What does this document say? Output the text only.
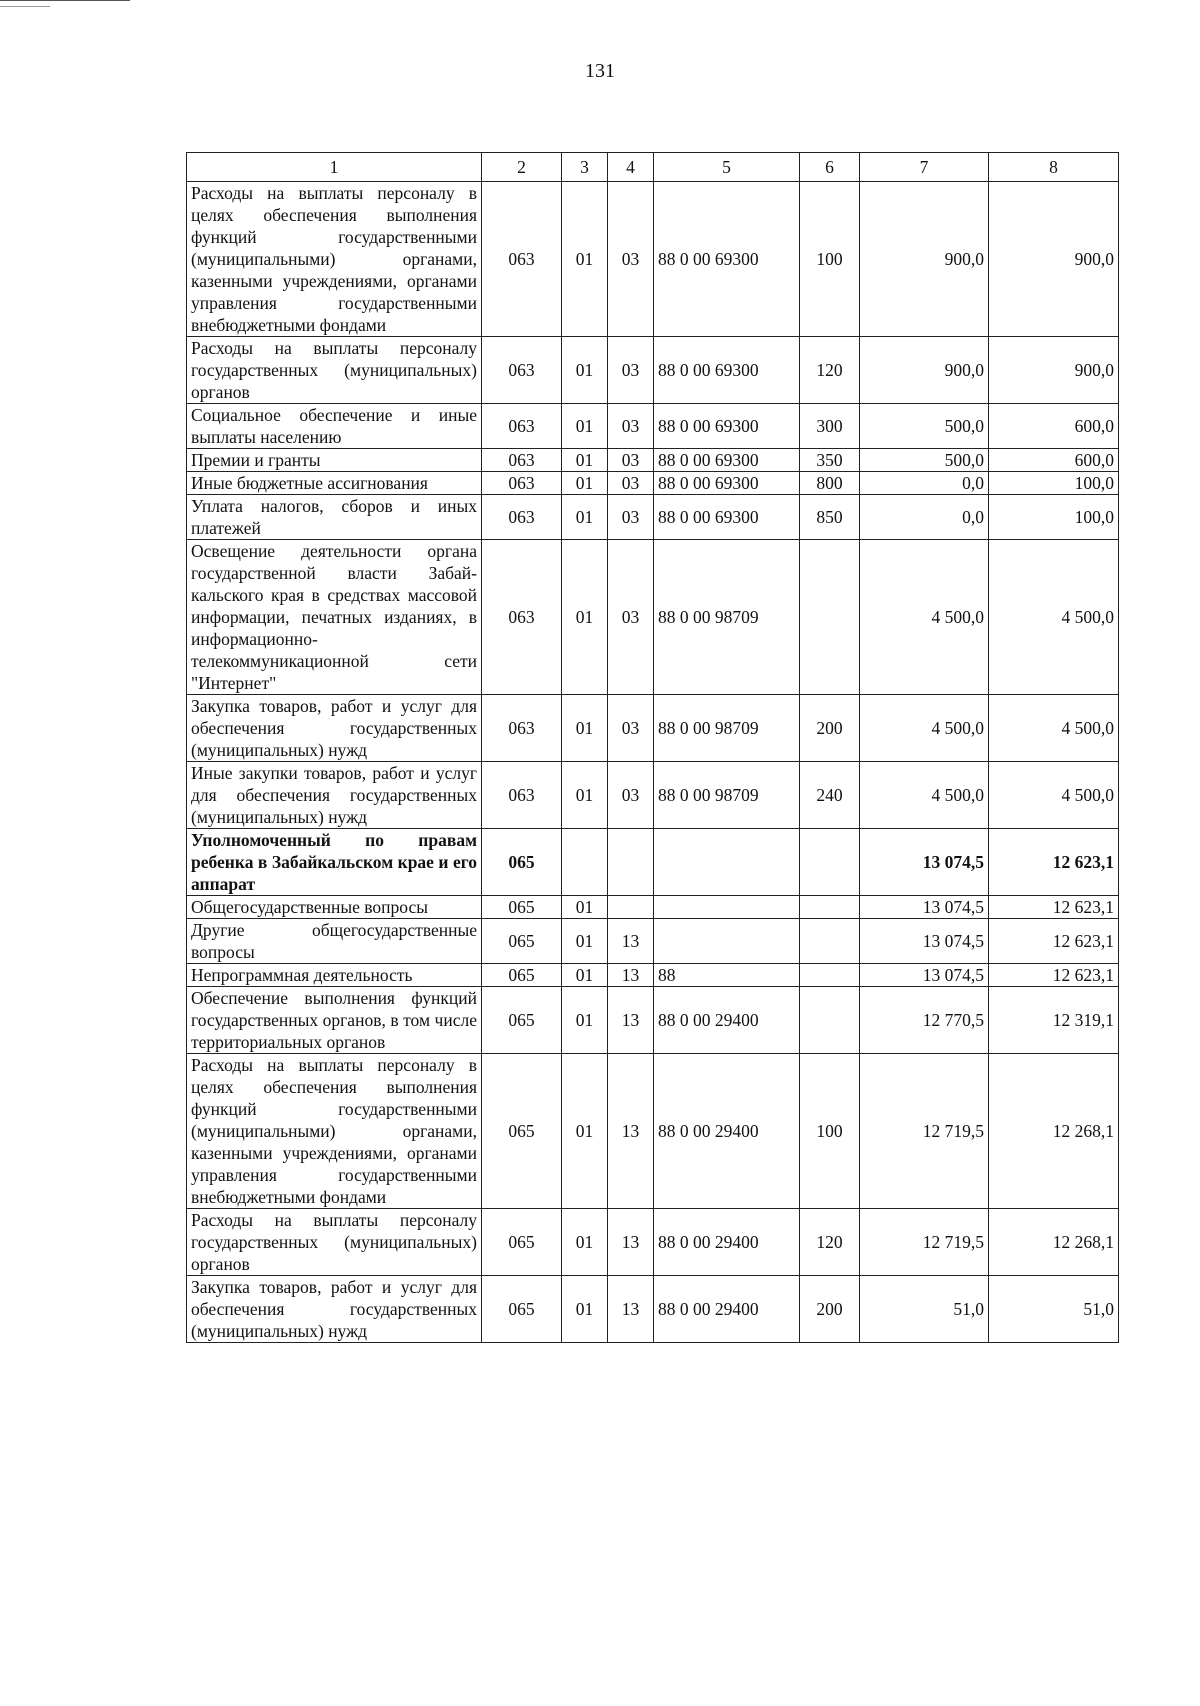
131
1	2	3	4	5	6	7	8
Расходы на выплаты персоналу в целях обеспечения выполнения функций государственными (муниципальными) органами, казенными учреждениями, органами управления государственными внебюджетными фондами	063	01	03	88 0 00 69300	100	900,0	900,0
Расходы на выплаты персоналу государственных (муниципальных) органов	063	01	03	88 0 00 69300	120	900,0	900,0
Социальное обеспечение и иные выплаты населению	063	01	03	88 0 00 69300	300	500,0	600,0
Премии и гранты	063	01	03	88 0 00 69300	350	500,0	600,0
Иные бюджетные ассигнования	063	01	03	88 0 00 69300	800	0,0	100,0
Уплата налогов, сборов и иных платежей	063	01	03	88 0 00 69300	850	0,0	100,0
Освещение деятельности органа государственной власти Забайкальского края в средствах массовой информации, печатных изданиях, в информационно-телекоммуникационной сети "Интернет"	063	01	03	88 0 00 98709		4 500,0	4 500,0
Закупка товаров, работ и услуг для обеспечения государственных (муниципальных) нужд	063	01	03	88 0 00 98709	200	4 500,0	4 500,0
Иные закупки товаров, работ и услуг для обеспечения государственных (муниципальных) нужд	063	01	03	88 0 00 98709	240	4 500,0	4 500,0
Уполномоченный по правам ребенка в Забайкальском крае и его аппарат	065					13 074,5	12 623,1
Общегосударственные вопросы	065	01				13 074,5	12 623,1
Другие общегосударственные вопросы	065	01	13			13 074,5	12 623,1
Непрограммная деятельность	065	01	13	88		13 074,5	12 623,1
Обеспечение выполнения функций государственных органов, в том числе территориальных органов	065	01	13	88 0 00 29400		12 770,5	12 319,1
Расходы на выплаты персоналу в целях обеспечения выполнения функций государственными (муниципальными) органами, казенными учреждениями, органами управления государственными внебюджетными фондами	065	01	13	88 0 00 29400	100	12 719,5	12 268,1
Расходы на выплаты персоналу государственных (муниципальных) органов	065	01	13	88 0 00 29400	120	12 719,5	12 268,1
Закупка товаров, работ и услуг для обеспечения государственных (муниципальных) нужд	065	01	13	88 0 00 29400	200	51,0	51,0
